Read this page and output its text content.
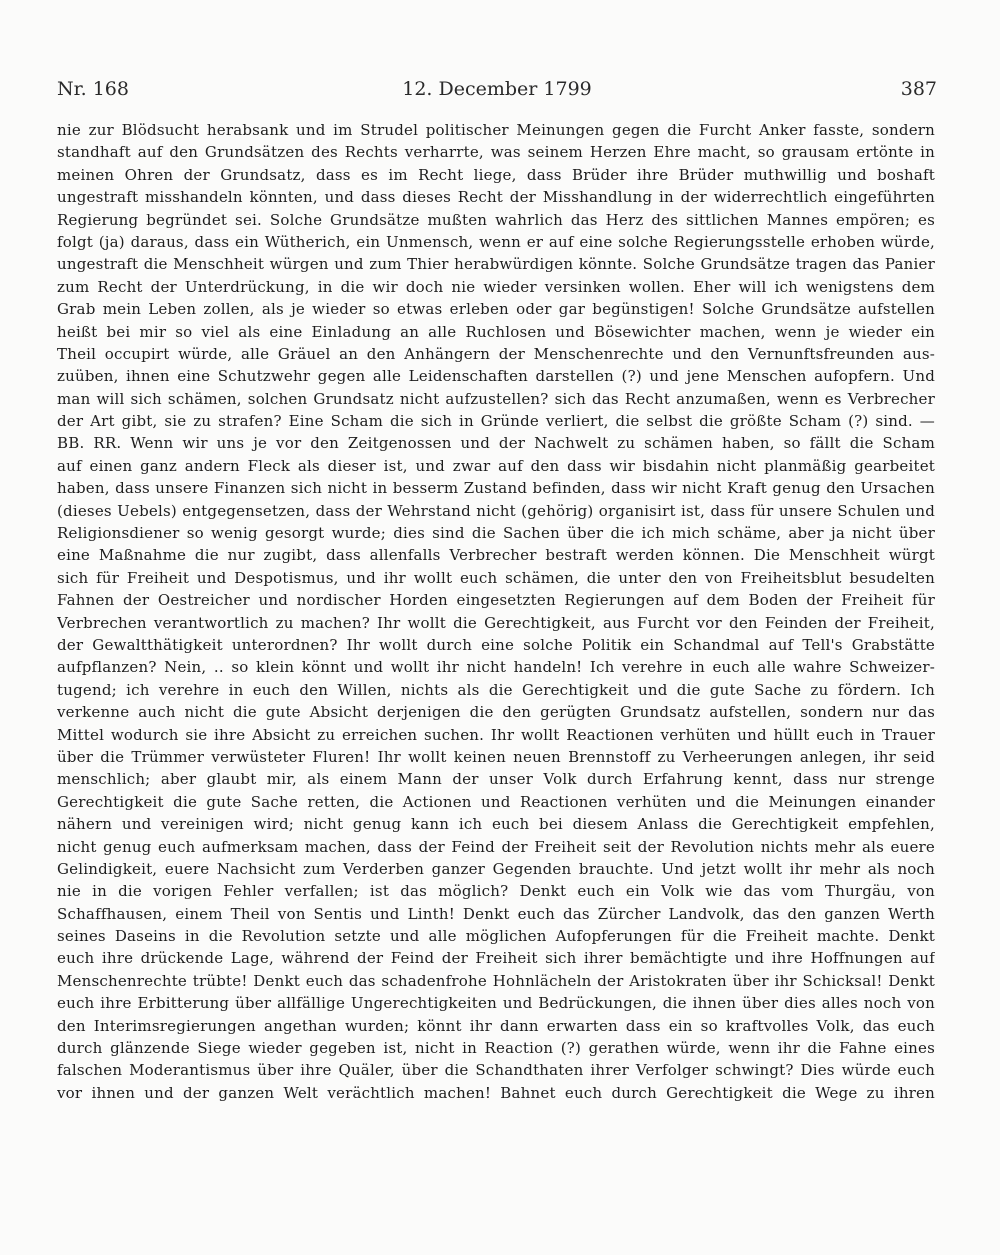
Nr. 168	12. December 1799	387
nie zur Blödsucht herabsank und im Strudel politischer Meinungen gegen die Furcht Anker fasste, sondern
standhaft auf den Grundsätzen des Rechts verharrte, was seinem Herzen Ehre macht, so grausam ertönte in
meinen Ohren der Grundsatz, dass es im Recht liege, dass Brüder ihre Brüder muthwillig und boshaft
ungestraft misshandeln könnten, und dass dieses Recht der Misshandlung in der widerrechtlich eingeführten
Regierung begründet sei. Solche Grundsätze mußten wahrlich das Herz des sittlichen Mannes empören; es
folgt (ja) daraus, dass ein Wütherich, ein Unmensch, wenn er auf eine solche Regierungsstelle erhoben würde,
ungestraft die Menschheit würgen und zum Thier herabwürdigen könnte. Solche Grundsätze tragen das Panier
zum Recht der Unterdrückung, in die wir doch nie wieder versinken wollen. Eher will ich wenigstens dem
Grab mein Leben zollen, als je wieder so etwas erleben oder gar begünstigen! Solche Grundsätze aufstellen
heißt bei mir so viel als eine Einladung an alle Ruchlosen und Bösewichter machen, wenn je wieder ein
Theil occupirt würde, alle Gräuel an den Anhängern der Menschenrechte und den Vernunftsfreunden aus-
zuüben, ihnen eine Schutzwehr gegen alle Leidenschaften darstellen (?) und jene Menschen aufopfern. Und
man will sich schämen, solchen Grundsatz nicht aufzustellen? sich das Recht anzumaßen, wenn es Verbrecher
der Art gibt, sie zu strafen? Eine Scham die sich in Gründe verliert, die selbst die größte Scham (?) sind. —
BB. RR. Wenn wir uns je vor den Zeitgenossen und der Nachwelt zu schämen haben, so fällt die Scham
auf einen ganz andern Fleck als dieser ist, und zwar auf den dass wir bisdahin nicht planmäßig gearbeitet
haben, dass unsere Finanzen sich nicht in besserm Zustand befinden, dass wir nicht Kraft genug den Ursachen
(dieses Uebels) entgegensetzen, dass der Wehrstand nicht (gehörig) organisirt ist, dass für unsere Schulen und
Religionsdiener so wenig gesorgt wurde; dies sind die Sachen über die ich mich schäme, aber ja nicht über
eine Maßnahme die nur zugibt, dass allenfalls Verbrecher bestraft werden können. Die Menschheit würgt
sich für Freiheit und Despotismus, und ihr wollt euch schämen, die unter den von Freiheitsblut besudelten
Fahnen der Oestreicher und nordischer Horden eingesetzten Regierungen auf dem Boden der Freiheit für
Verbrechen verantwortlich zu machen? Ihr wollt die Gerechtigkeit, aus Furcht vor den Feinden der Freiheit,
der Gewaltthätigkeit unterordnen? Ihr wollt durch eine solche Politik ein Schandmal auf Tell's Grabstätte
aufpflanzen? Nein, .. so klein könnt und wollt ihr nicht handeln! Ich verehre in euch alle wahre Schweizer-
tugend; ich verehre in euch den Willen, nichts als die Gerechtigkeit und die gute Sache zu fördern. Ich
verkenne auch nicht die gute Absicht derjenigen die den gerügten Grundsatz aufstellen, sondern nur das
Mittel wodurch sie ihre Absicht zu erreichen suchen. Ihr wollt Reactionen verhüten und hüllt euch in Trauer
über die Trümmer verwüsteter Fluren! Ihr wollt keinen neuen Brennstoff zu Verheerungen anlegen, ihr seid
menschlich; aber glaubt mir, als einem Mann der unser Volk durch Erfahrung kennt, dass nur strenge
Gerechtigkeit die gute Sache retten, die Actionen und Reactionen verhüten und die Meinungen einander
nähern und vereinigen wird; nicht genug kann ich euch bei diesem Anlass die Gerechtigkeit empfehlen,
nicht genug euch aufmerksam machen, dass der Feind der Freiheit seit der Revolution nichts mehr als euere
Gelindigkeit, euere Nachsicht zum Verderben ganzer Gegenden brauchte. Und jetzt wollt ihr mehr als noch
nie in die vorigen Fehler verfallen; ist das möglich? Denkt euch ein Volk wie das vom Thurgäu, von
Schaffhausen, einem Theil von Sentis und Linth! Denkt euch das Zürcher Landvolk, das den ganzen Werth
seines Daseins in die Revolution setzte und alle möglichen Aufopferungen für die Freiheit machte. Denkt
euch ihre drückende Lage, während der Feind der Freiheit sich ihrer bemächtigte und ihre Hoffnungen auf
Menschenrechte trübte! Denkt euch das schadenfrohe Hohnlächeln der Aristokraten über ihr Schicksal! Denkt
euch ihre Erbitterung über allfällige Ungerechtigkeiten und Bedrückungen, die ihnen über dies alles noch von
den Interimsregierungen angethan wurden; könnt ihr dann erwarten dass ein so kraftvolles Volk, das euch
durch glänzende Siege wieder gegeben ist, nicht in Reaction (?) gerathen würde, wenn ihr die Fahne eines
falschen Moderantismus über ihre Quäler, über die Schandthaten ihrer Verfolger schwingt? Dies würde euch
vor ihnen und der ganzen Welt verächtlich machen! Bahnet euch durch Gerechtigkeit die Wege zu ihren
